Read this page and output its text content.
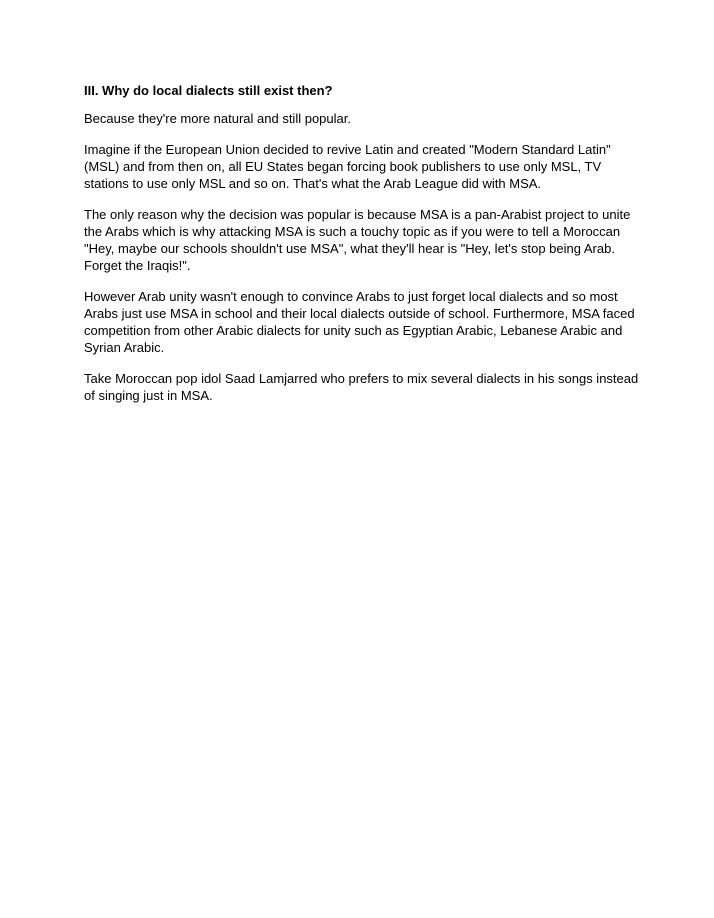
III. Why do local dialects still exist then?

Because they're more natural and still popular.

Imagine if the European Union decided to revive Latin and created "Modern Standard Latin" (MSL) and from then on, all EU States began forcing book publishers to use only MSL, TV stations to use only MSL and so on. That's what the Arab League did with MSA.

The only reason why the decision was popular is because MSA is a pan-Arabist project to unite the Arabs which is why attacking MSA is such a touchy topic as if you were to tell a Moroccan "Hey, maybe our schools shouldn't use MSA", what they'll hear is "Hey, let's stop being Arab. Forget the Iraqis!".

However Arab unity wasn't enough to convince Arabs to just forget local dialects and so most Arabs just use MSA in school and their local dialects outside of school. Furthermore, MSA faced competition from other Arabic dialects for unity such as Egyptian Arabic, Lebanese Arabic and Syrian Arabic.

Take Moroccan pop idol Saad Lamjarred who prefers to mix several dialects in his songs instead of singing just in MSA.
